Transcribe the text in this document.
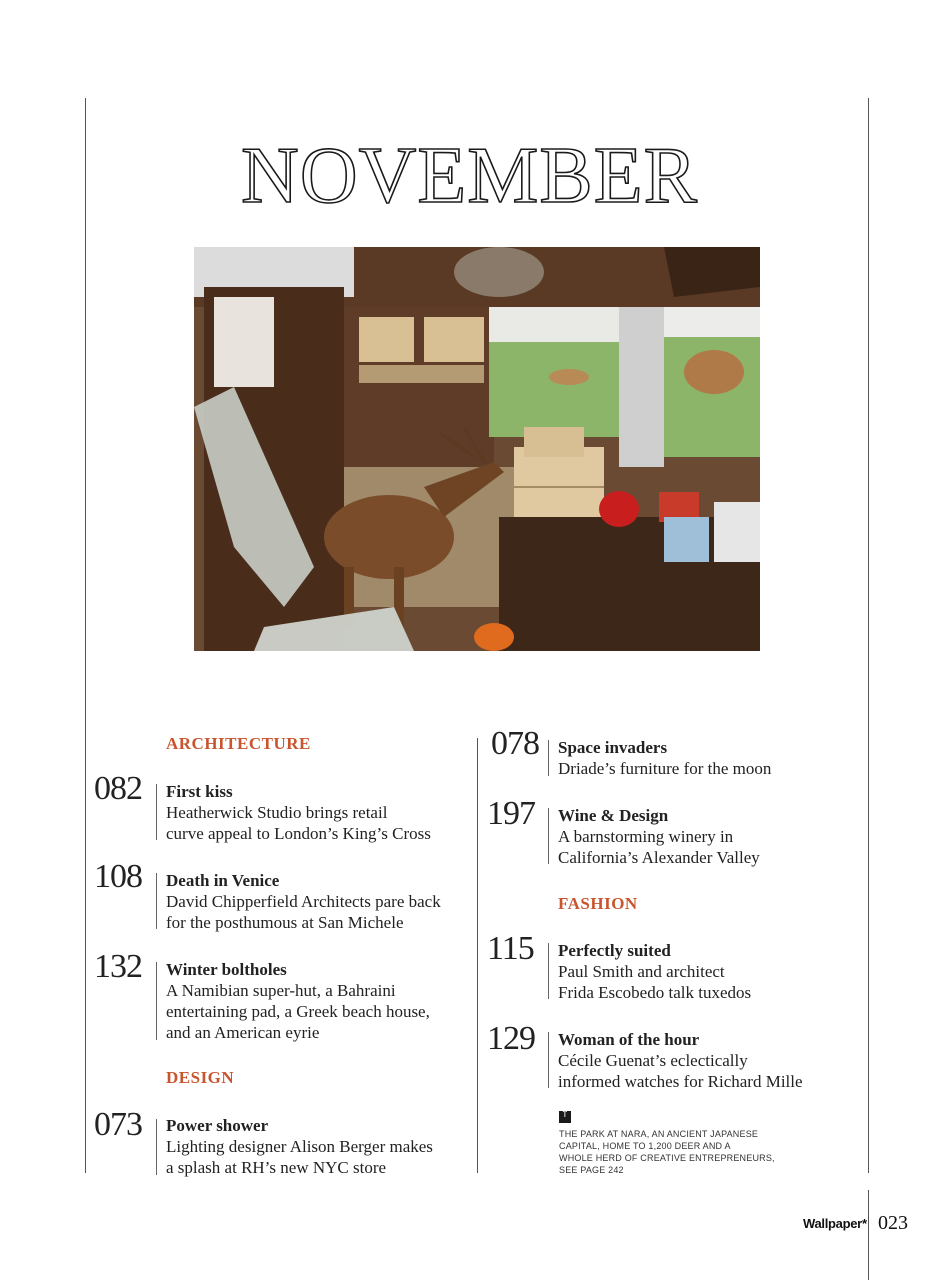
NOVEMBER
ARCHITECTURE
082 First kiss
Heatherwick Studio brings retail
curve appeal to London’s King’s Cross
108 Death in Venice
David Chipperfield Architects pare back
for the posthumous at San Michele
132 Winter boltholes
A Namibian super-hut, a Bahraini
entertaining pad, a Greek beach house,
and an American eyrie
DESIGN
073 Power shower
Lighting designer Alison Berger makes
a splash at RH’s new NYC store
078 Space invaders
Driade’s furniture for the moon
197 Wine & Design
A barnstorming winery in
California’s Alexander Valley
FASHION
115 Perfectly suited
Paul Smith and architect
Frida Escobedo talk tuxedos
129 Woman of the hour
Cécile Guenat’s eclectically
informed watches for Richard Mille
↑
THE PARK AT NARA, AN ANCIENT JAPANESE
CAPITAL, HOME TO 1,200 DEER AND A
WHOLE HERD OF CREATIVE ENTREPRENEURS,
SEE PAGE 242
Wallpaper* 023
